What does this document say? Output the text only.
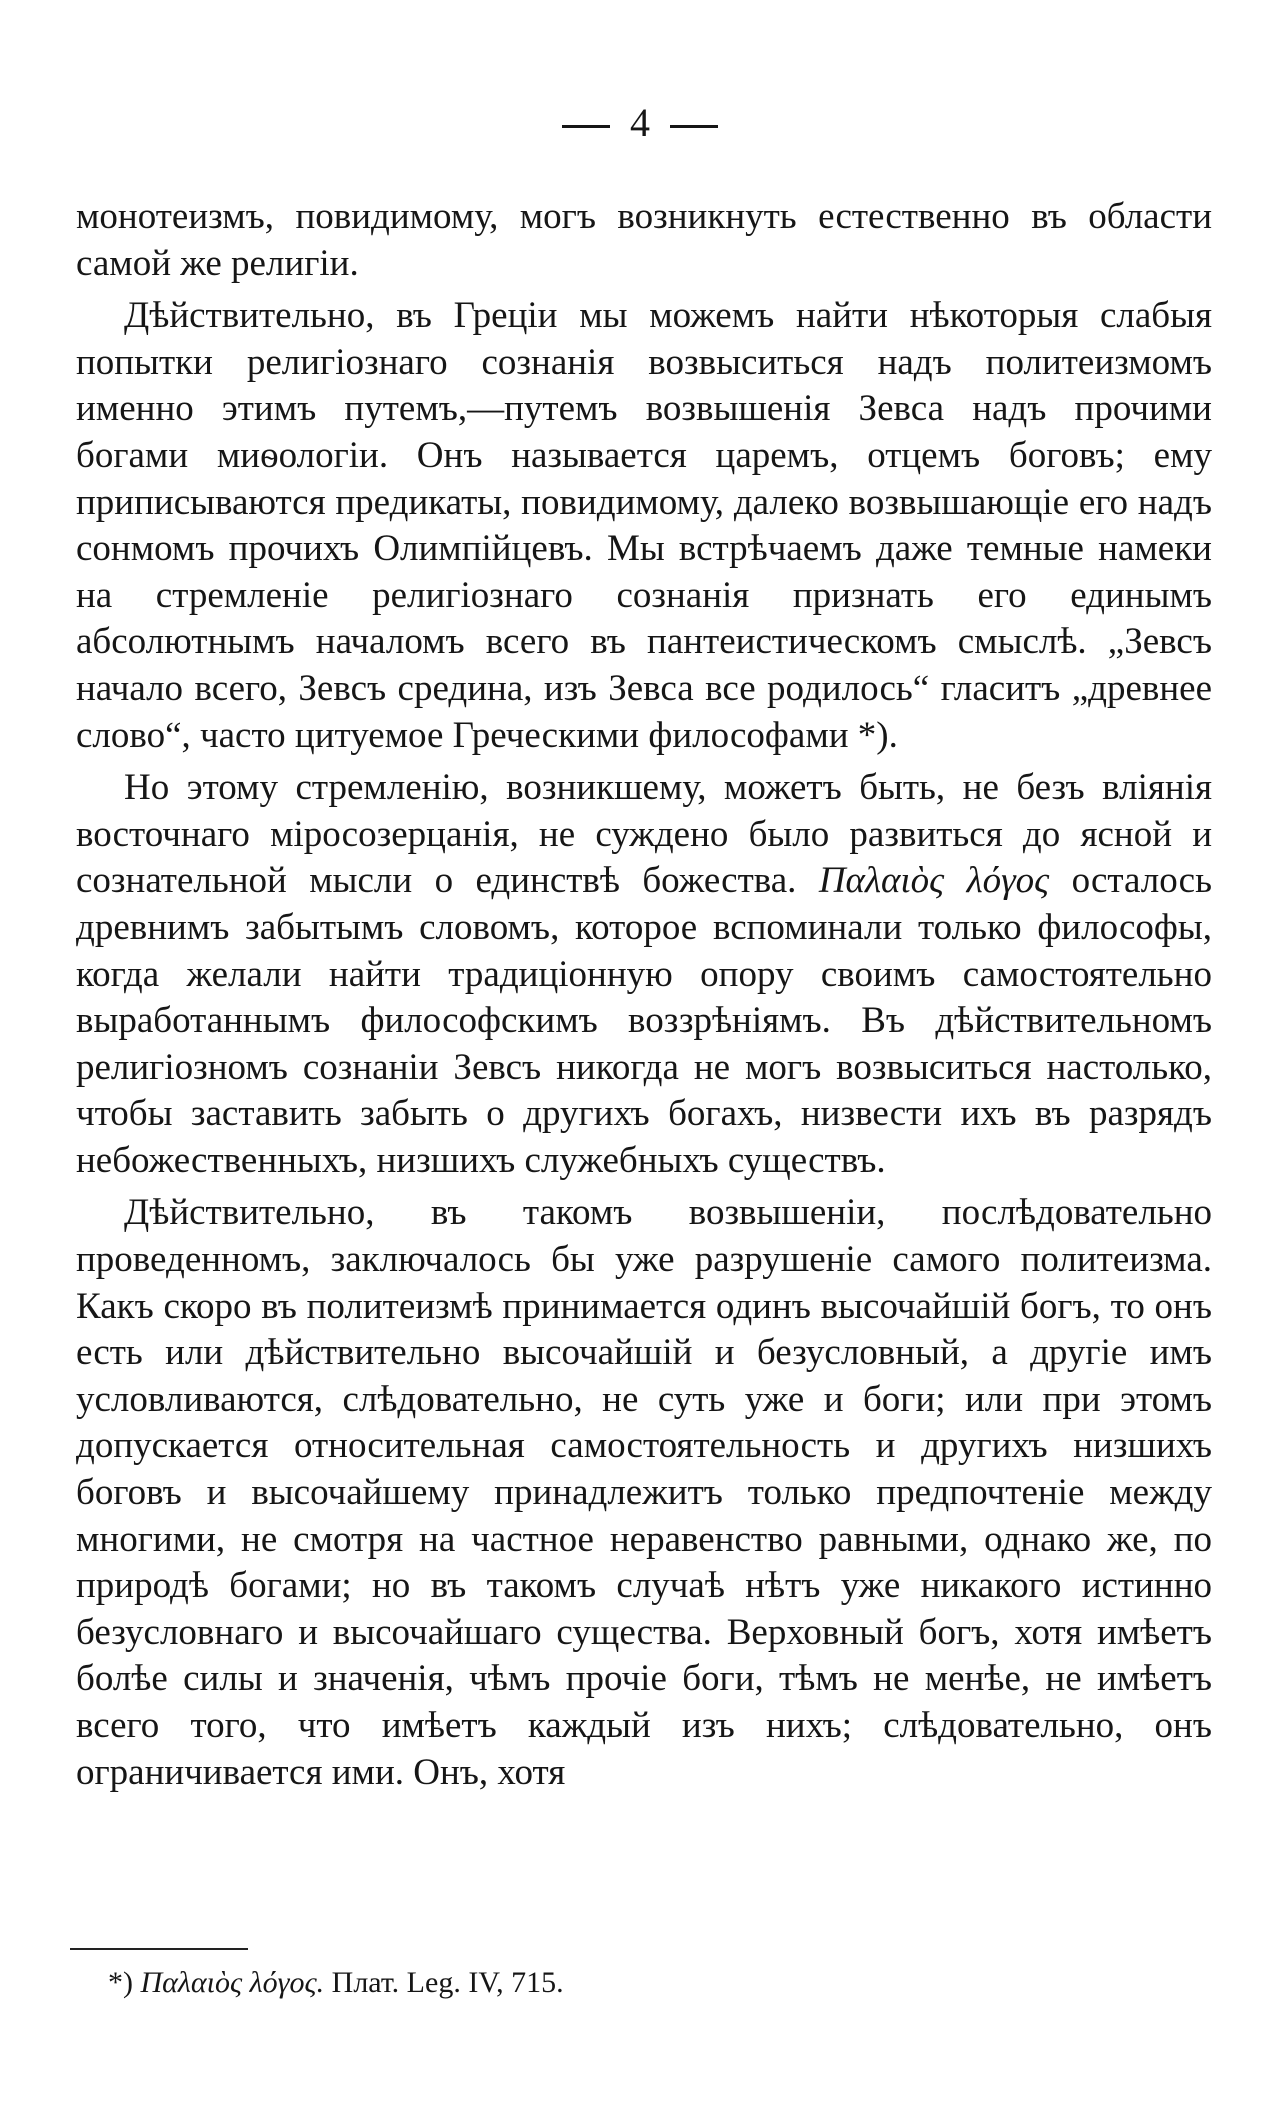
4

монотеизмъ, повидимому, могъ возникнуть естественно въ области самой же религіи.

Дѣйствительно, въ Греціи мы можемъ найти нѣкоторыя слабыя попытки религіознаго сознанія возвыситься надъ политеизмомъ именно этимъ путемъ,—путемъ возвышенія Зевса надъ прочими богами миѳологіи. Онъ называется царемъ, отцемъ боговъ; ему приписываются предикаты, повидимому, далеко возвышающіе его надъ сонмомъ прочихъ Олимпійцевъ. Мы встрѣчаемъ даже темные намеки на стремленіе религіознаго сознанія признать его единымъ абсолютнымъ началомъ всего въ пантеистическомъ смыслѣ. „Зевсъ начало всего, Зевсъ средина, изъ Зевса все родилось“ гласитъ „древнее слово“, часто цитуемое Греческими философами *).

Но этому стремленію, возникшему, можетъ быть, не безъ вліянія восточнаго міросозерцанія, не суждено было развиться до ясной и сознательной мысли о единствѣ божества. Παλαιὸς λόγος осталось древнимъ забытымъ словомъ, которое вспоминали только философы, когда желали найти традиціонную опору своимъ самостоятельно выработаннымъ философскимъ воззрѣніямъ. Въ дѣйствительномъ религіозномъ сознаніи Зевсъ никогда не могъ возвыситься настолько, чтобы заставить забыть о другихъ богахъ, низвести ихъ въ разрядъ небожественныхъ, низшихъ служебныхъ существъ.

Дѣйствительно, въ такомъ возвышеніи, послѣдовательно проведенномъ, заключалось бы уже разрушеніе самого политеизма. Какъ скоро въ политеизмѣ принимается одинъ высочайшій богъ, то онъ есть или дѣйствительно высочайшій и безусловный, а другіе имъ условливаются, слѣдовательно, не суть уже и боги; или при этомъ допускается относительная самостоятельность и другихъ низшихъ боговъ и высочайшему принадлежитъ только предпочтеніе между многими, не смотря на частное неравенство равными, однако же, по природѣ богами; но въ такомъ случаѣ нѣтъ уже никакого истинно безусловнаго и высочайшаго существа. Верховный богъ, хотя имѣетъ болѣе силы и значенія, чѣмъ прочіе боги, тѣмъ не менѣе, не имѣетъ всего того, что имѣетъ каждый изъ нихъ; слѣдовательно, онъ ограничивается ими. Онъ, хотя

*) Παλαιὸς λόγος. Плат. Leg. IV, 715.
